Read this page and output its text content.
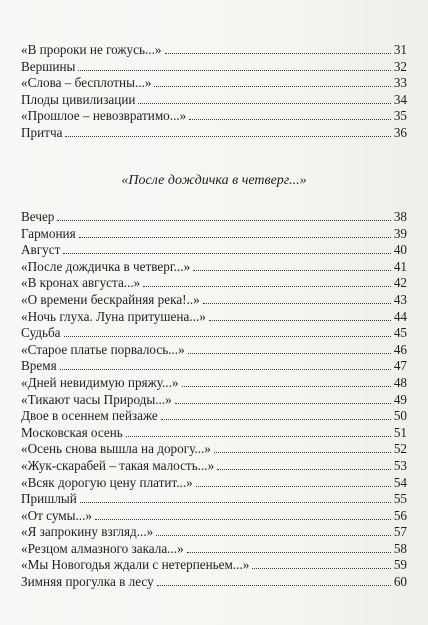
«В пророки не гожусь...»	31
Вершины	32
«Слова – бесплотны...»	33
Плоды цивилизации	34
«Прошлое – невозвратимо...»	35
Притча	36
«После дождичка в четверг...»
Вечер	38
Гармония	39
Август	40
«После дождичка в четверг...»	41
«В кронах августа...»	42
«О времени бескрайняя река!..»	43
«Ночь глуха. Луна притушена...»	44
Судьба	45
«Старое платье порвалось...»	46
Время	47
«Дней невидимую пряжу...»	48
«Тикают часы Природы...»	49
Двое в осеннем пейзаже	50
Московская осень	51
«Осень снова вышла на дорогу...»	52
«Жук-скарабей – такая малость...»	53
«Всяк дорогую цену платит...»	54
Пришлый	55
«От сумы...»	56
«Я запрокину взгляд...»	57
«Резцом алмазного закала...»	58
«Мы Новогодья ждали с нетерпеньем...»	59
Зимняя прогулка в лесу	60
